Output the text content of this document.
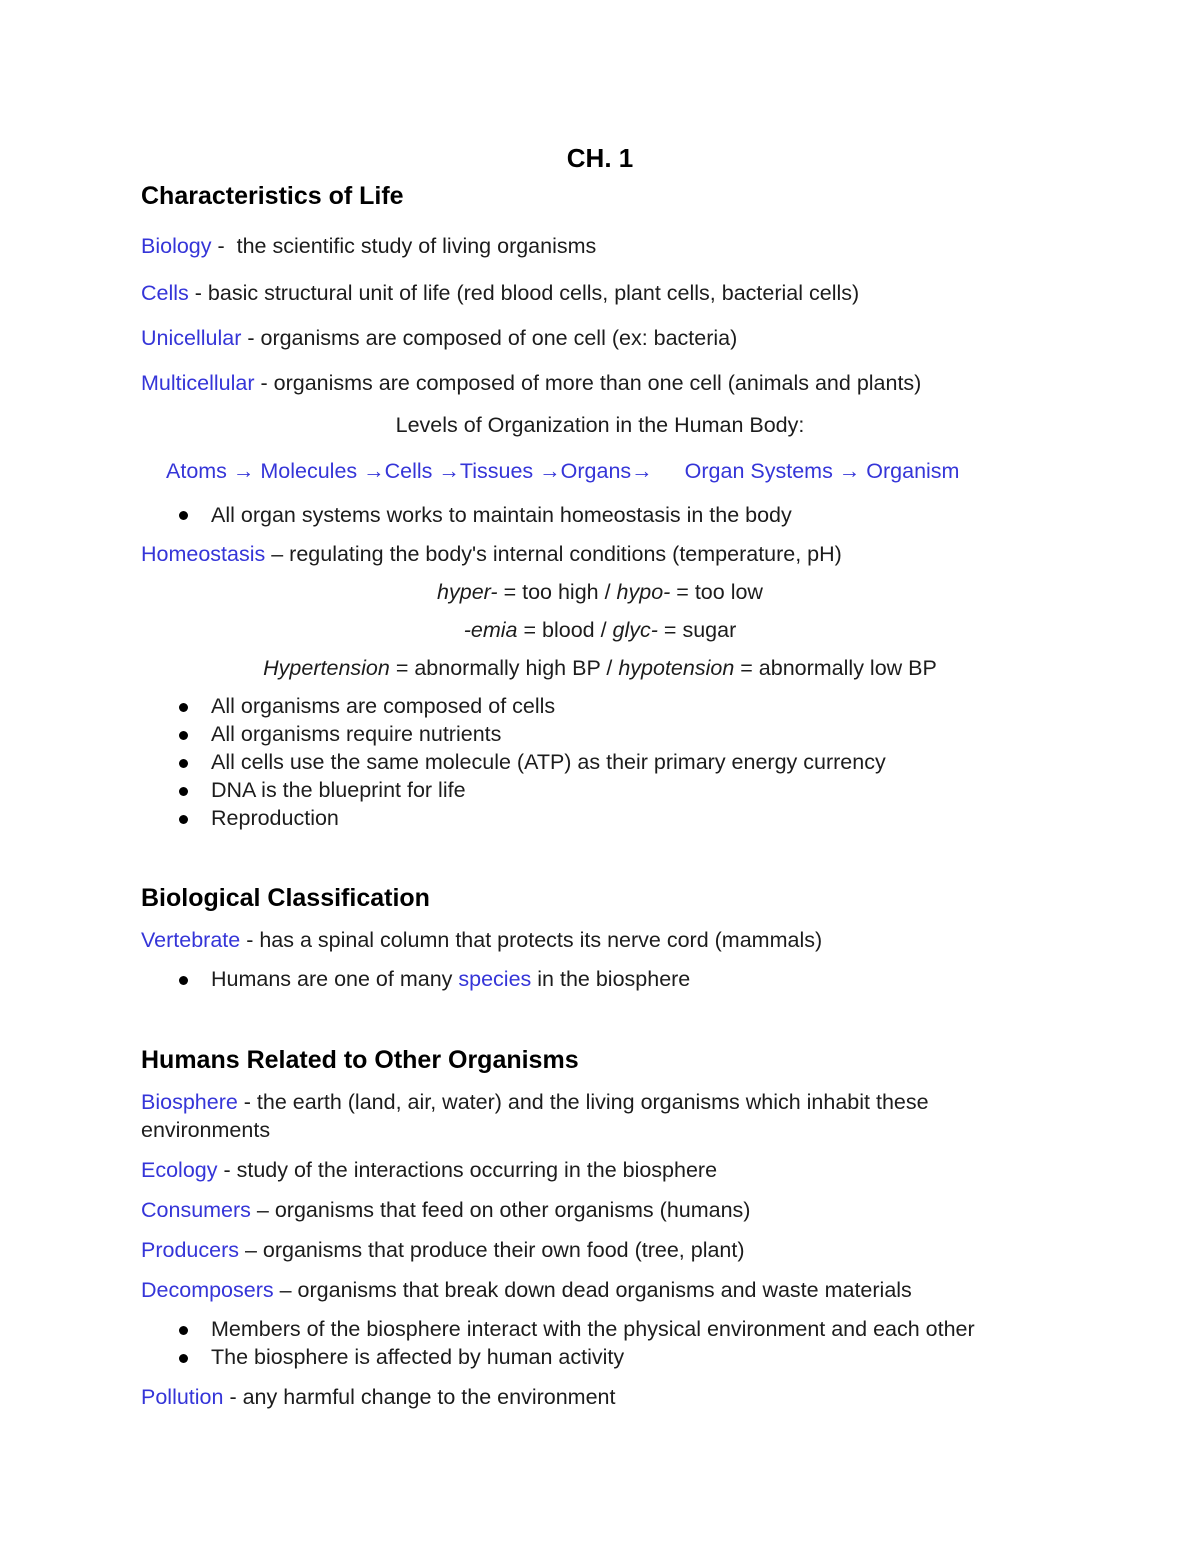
CH. 1
Characteristics of Life
Biology -  the scientific study of living organisms
Cells - basic structural unit of life (red blood cells, plant cells, bacterial cells)
Unicellular - organisms are composed of one cell (ex: bacteria)
Multicellular - organisms are composed of more than one cell (animals and plants)
Levels of Organization in the Human Body:
Atoms → Molecules →Cells →Tissues →Organs→ Organ Systems → Organism
All organ systems works to maintain homeostasis in the body
Homeostasis – regulating the body's internal conditions (temperature, pH)
hyper- = too high / hypo- = too low
-emia = blood / glyc- = sugar
Hypertension = abnormally high BP / hypotension = abnormally low BP
All organisms are composed of cells
All organisms require nutrients
All cells use the same molecule (ATP) as their primary energy currency
DNA is the blueprint for life
Reproduction
Biological Classification
Vertebrate - has a spinal column that protects its nerve cord (mammals)
Humans are one of many species in the biosphere
Humans Related to Other Organisms
Biosphere - the earth (land, air, water) and the living organisms which inhabit these
environments
Ecology - study of the interactions occurring in the biosphere
Consumers – organisms that feed on other organisms (humans)
Producers – organisms that produce their own food (tree, plant)
Decomposers – organisms that break down dead organisms and waste materials
Members of the biosphere interact with the physical environment and each other
The biosphere is affected by human activity
Pollution - any harmful change to the environment
